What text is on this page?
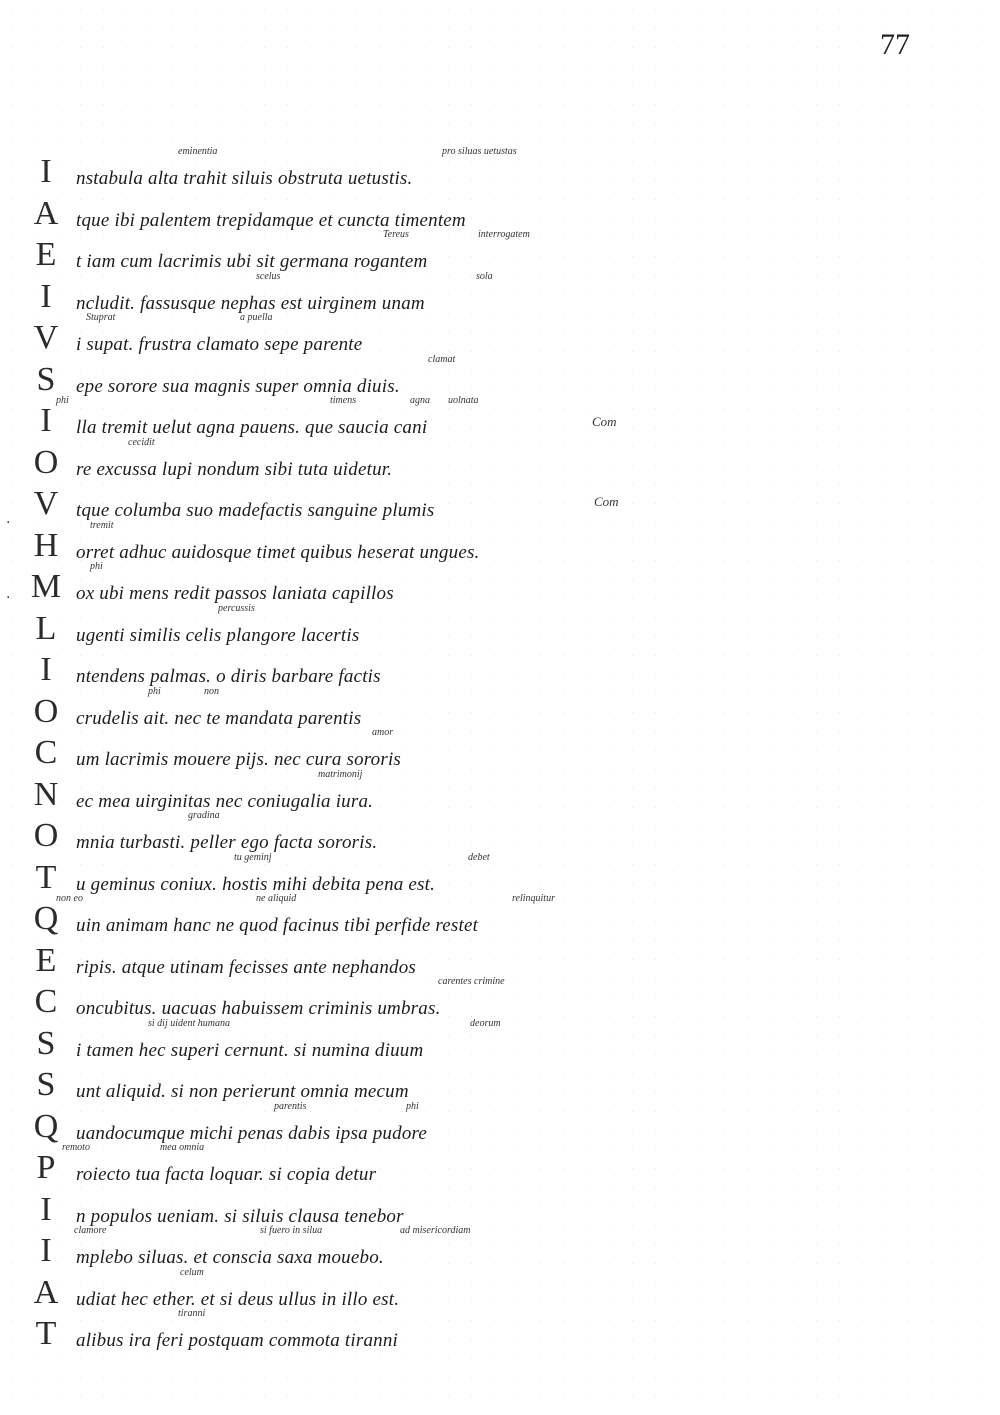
77
Com
Com
·
·
I
eminentia	pro siluas uetustas
nstabula alta trahit siluis obstruta uetustis.
A tque ibi palentem trepidamque et cuncta timentem
E
Tereus	interrogatem
t iam cum lacrimis ubi sit germana rogantem
I
scelus	sola
ncludit. fassusque nephas est uirginem unam
V
Stuprat	a puella
i supat. frustra clamato sepe parente
S
clamat
epe sorore sua magnis super omnia diuis.
I
phi	timens	agna uolnata
lla tremit uelut agna pauens. que saucia cani
O
cecidit
re excussa lupi nondum sibi tuta uidetur.
V tque columba suo madefactis sanguine plumis
H
tremit
orret adhuc auidosque timet quibus heserat ungues.
M
phi
ox ubi mens redit passos laniata capillos
L
percussis
ugenti similis celis plangore lacertis
I	ntendens palmas. o diris barbare factis
O
phi	non
crudelis ait. nec te mandata parentis
C
amor
um lacrimis mouere pijs. nec cura sororis
N
matrimonij
ec mea uirginitas nec coniugalia iura.
O
gradina
mnia turbasti. peller ego facta sororis.
T
tu geminj	debet
u geminus coniux. hostis mihi debita pena est.
Q
non eo	ne aliquid	relinquitur
uin animam hanc ne quod facinus tibi perfide restet
E	ripis. atque utinam fecisses ante nephandos
C
carentes crimine
oncubitus. uacuas habuissem criminis umbras.
S
si dij uident humana	deorum
i tamen hec superi cernunt. si numina diuum
S	unt aliquid. si non perierunt omnia mecum
Q
parentis	phi
uandocumque michi penas dabis ipsa pudore
P
remoto	mea omnia
roiecto tua facta loquar. si copia detur
I	n populos ueniam. si siluis clausa tenebor
I
clamore	si fuero in silua	ad misericordiam
mplebo siluas. et conscia saxa mouebo.
A
celum
udiat hec ether. et si deus ullus in illo est.
T
tiranni
alibus ira feri postquam commota tiranni
